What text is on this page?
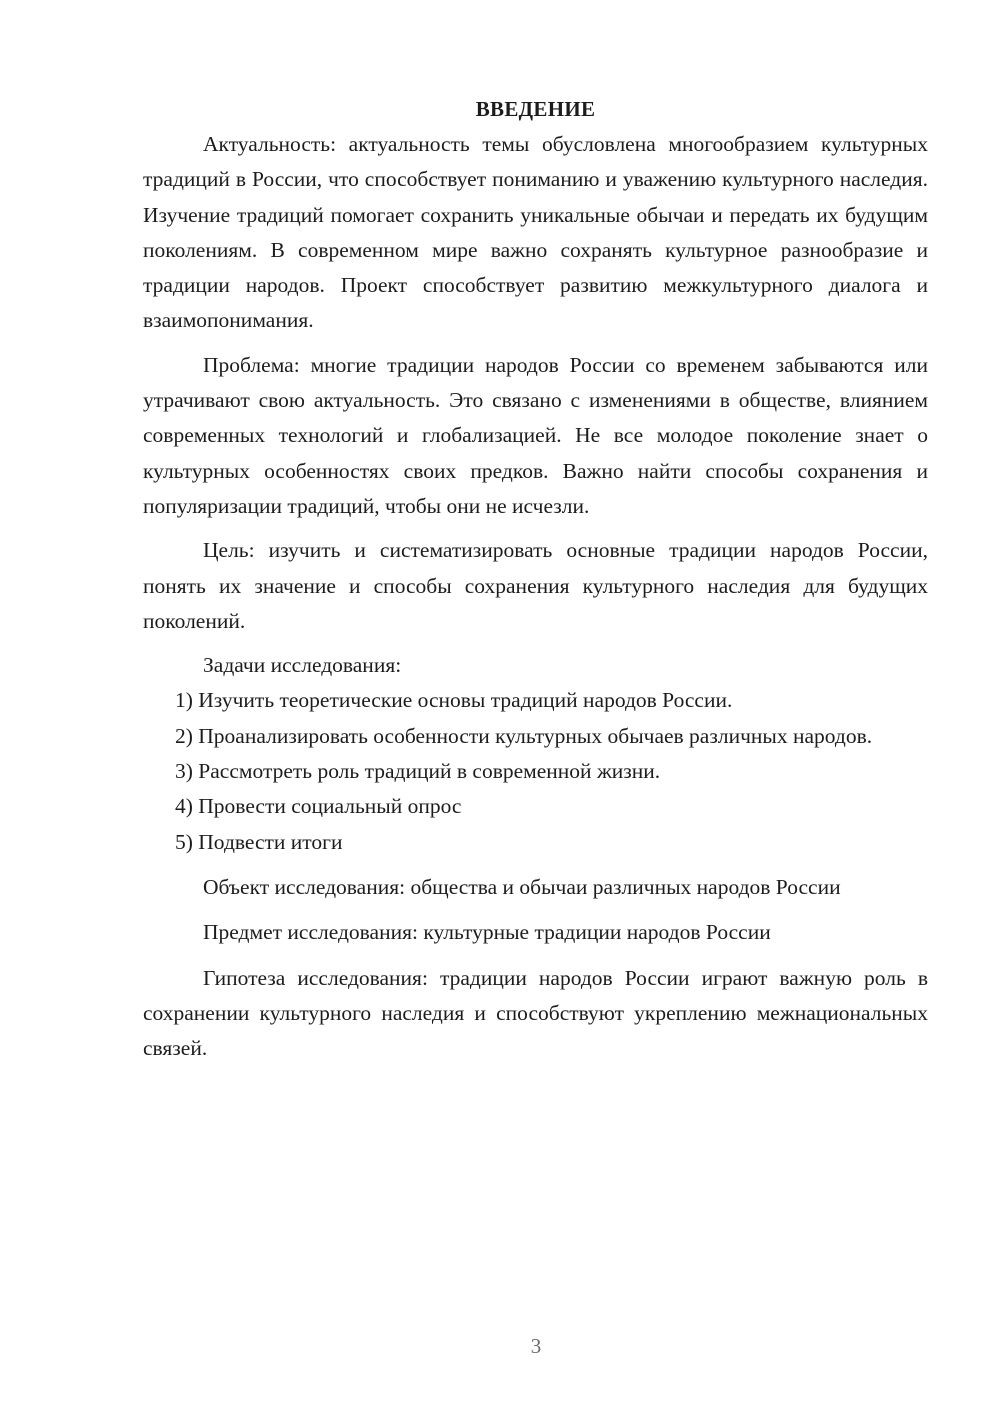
ВВЕДЕНИЕ

Актуальность: актуальность темы обусловлена многообразием культурных традиций в России, что способствует пониманию и уважению культурного наследия. Изучение традиций помогает сохранить уникальные обычаи и передать их будущим поколениям. В современном мире важно сохранять культурное разнообразие и традиции народов. Проект способствует развитию межкультурного диалога и взаимопонимания.

Проблема: многие традиции народов России со временем забываются или утрачивают свою актуальность. Это связано с изменениями в обществе, влиянием современных технологий и глобализацией. Не все молодое поколение знает о культурных особенностях своих предков. Важно найти способы сохранения и популяризации традиций, чтобы они не исчезли.

Цель: изучить и систематизировать основные традиции народов России, понять их значение и способы сохранения культурного наследия для будущих поколений.

Задачи исследования:

1) Изучить теоретические основы традиций народов России.

2) Проанализировать особенности культурных обычаев различных народов.

3) Рассмотреть роль традиций в современной жизни.

4) Провести социальный опрос

5) Подвести итоги

Объект исследования: общества и обычаи различных народов России

Предмет исследования: культурные традиции народов России

Гипотеза исследования: традиции народов России играют важную роль в сохранении культурного наследия и способствуют укреплению межнациональных связей.

3
